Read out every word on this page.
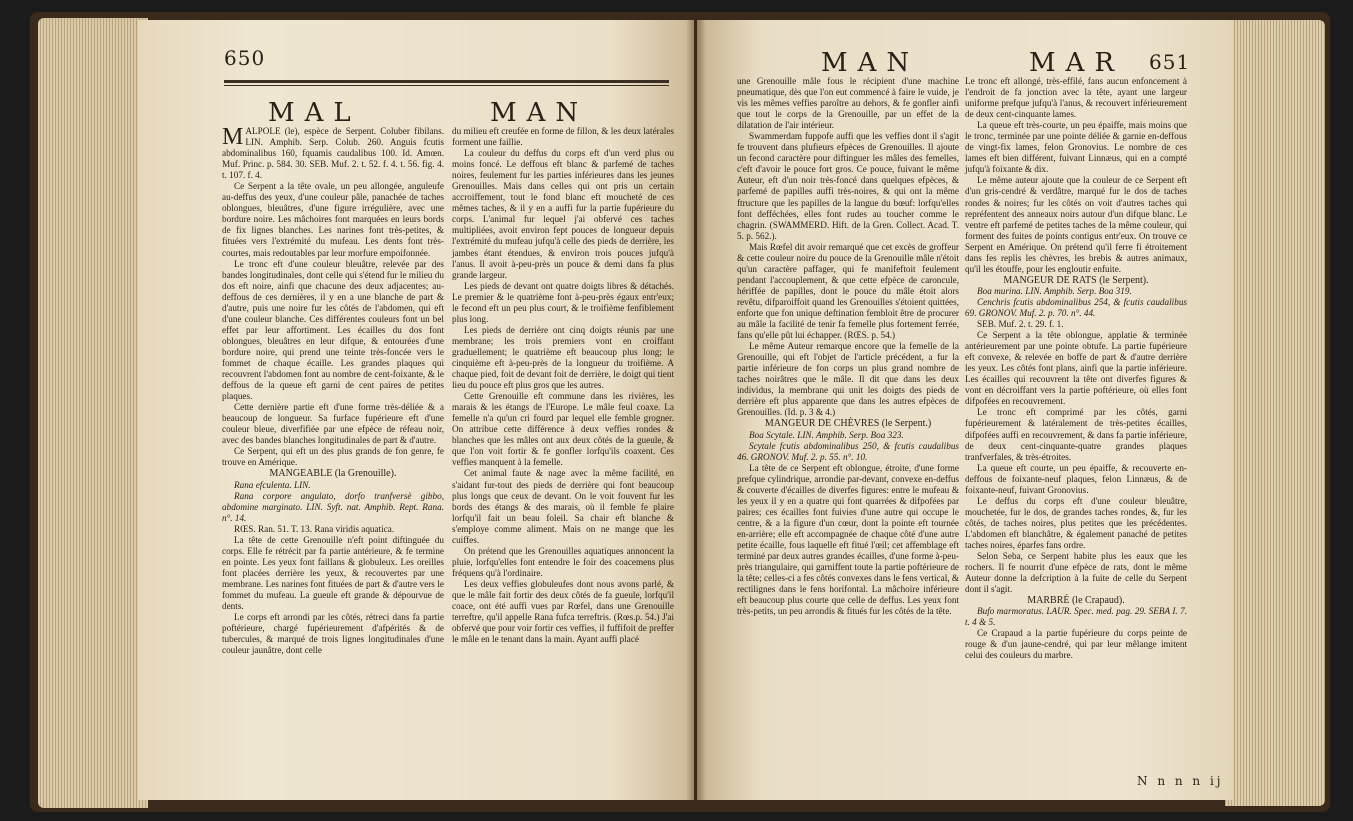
650
MAL	MAN

MALPOLE (le), espèce de Serpent. Coluber fibilans. LIN. Amphib. Serp. Colub. 260. Anguis fcutis abdominalibus 160, fquamis caudalibus 100. Id. Amœn. Muf. Princ. p. 584. 30. SEB. Muf. 2. t. 52. f. 4. t. 56. fig. 4. t. 107. f. 4.

Ce Serpent a la tête ovale, un peu allongée, anguleufe au-deffus des yeux, d'une couleur pâle, panachée de taches oblongues, bleuâtres, d'une figure irrégulière, avec une bordure noire. Les mâchoires font marquées en leurs bords de fix lignes blanches. Les narines font très-petites, & fituées vers l'extrémité du mufeau. Les dents font très-courtes, mais redoutables par leur morfure empoifonnée.

Le tronc eft d'une couleur bleuâtre, relevée par des bandes longitudinales, dont celle qui s'étend fur le milieu du dos eft noire, ainfi que chacune des deux adjacentes; au-deffous de ces dernières, il y en a une blanche de part & d'autre, puis une noire fur les côtés de l'abdomen, qui eft d'une couleur blanche. Ces différentes couleurs font un bel effet par leur affortiment. Les écailles du dos font oblongues, bleuâtres en leur difque, & entourées d'une bordure noire, qui prend une teinte très-foncée vers le fommet de chaque écaille. Les grandes plaques qui recouvrent l'abdomen font au nombre de cent-foixante, & le deffous de la queue eft garni de cent paires de petites plaques.

Cette dernière partie eft d'une forme très-déliée & a beaucoup de longueur. Sa furface fupérieure eft d'une couleur bleue, diverfifiée par une efpèce de réfeau noir, avec des bandes blanches longitudinales de part & d'autre.

Ce Serpent, qui eft un des plus grands de fon genre, fe trouve en Amérique.

MANGEABLE (la Grenouille).

Rana efculenta. LIN.

Rana corpore angulato, dorfo tranfversè gibbo, abdomine marginato. LIN. Syft. nat. Amphib. Rept. Rana. n°. 14.

RŒS. Ran. 51. T. 13. Rana viridis aquatica.

La tête de cette Grenouille n'eft point diftinguée du corps. Elle fe rétrécit par fa partie antérieure, & fe termine en pointe. Les yeux font faillans & globuleux. Les oreilles font placées derrière les yeux, & recouvertes par une membrane. Les narines font fituées de part & d'autre vers le fommet du mufeau. La gueule eft grande & dépourvue de dents.

Le corps eft arrondi par les côtés, rétreci dans fa partie poftérieure, chargé fupérieurement d'afpérités & de tubercules, & marqué de trois lignes longitudinales d'une couleur jaunâtre, dont celle

du milieu eft creufée en forme de fillon, & les deux latérales forment une faillie.

La couleur du deffus du corps eft d'un verd plus ou moins foncé. Le deffous eft blanc & parfemé de taches noires, feulement fur les parties inférieures dans les jeunes Grenouilles. Mais dans celles qui ont pris un certain accroiffement, tout le fond blanc eft moucheté de ces mêmes taches, & il y en a auffi fur la partie fupérieure du corps. L'animal fur lequel j'ai obfervé ces taches multipliées, avoit environ fept pouces de longueur depuis l'extrémité du mufeau jufqu'à celle des pieds de derrière, les jambes étant étendues, & environ trois pouces jufqu'à l'anus. Il avoit à-peu-près un pouce & demi dans fa plus grande largeur.

Les pieds de devant ont quatre doigts libres & détachés. Le premier & le quatrième font à-peu-près égaux entr'eux; le fecond eft un peu plus court, & le troifième fenfiblement plus long.

Les pieds de derrière ont cinq doigts réunis par une membrane; les trois premiers vont en croiffant graduellement; le quatrième eft beaucoup plus long; le cinquième eft à-peu-près de la longueur du troifième. A chaque pied, foit de devant foit de derrière, le doigt qui tient lieu du pouce eft plus gros que les autres.

Cette Grenouille eft commune dans les rivières, les marais & les étangs de l'Europe. Le mâle feul coaxe. La femelle n'a qu'un cri fourd par lequel elle femble grogner. On attribue cette différence à deux veffies rondes & blanches que les mâles ont aux deux côtés de la gueule, & que l'on voit fortir & fe gonfler lorfqu'ils coaxent. Ces veffies manquent à la femelle.

Cet animal faute & nage avec la même facilité, en s'aidant fur-tout des pieds de derrière qui font beaucoup plus longs que ceux de devant. On le voit fouvent fur les bords des étangs & des marais, où il femble fe plaire lorfqu'il fait un beau foleil. Sa chair eft blanche & s'employe comme aliment. Mais on ne mange que les cuiffes.

On prétend que les Grenouilles aquatiques annoncent la pluie, lorfqu'elles font entendre le foir des coacemens plus fréquens qu'à l'ordinaire.

Les deux veffies globuleufes dont nous avons parlé, & que le mâle fait fortir des deux côtés de fa gueule, lorfqu'il coace, ont été auffi vues par Rœfel, dans une Grenouille terreftre, qu'il appelle Rana fufca terreftris. (Rœs.p. 54.) J'ai obfervé que pour voir fortir ces veffies, il fuffifoit de preffer le mâle en le tenant dans la main. Ayant auffi placé

MAN	MAR 651

une Grenouille mâle fous le récipient d'une machine pneumatique, dès que l'on eut commencé à faire le vuide, je vis les mêmes veffies paroître au dehors, & fe gonfler ainfi que tout le corps de la Grenouille, par un effet de la dilatation de l'air intérieur.

Swammerdam fuppofe auffi que les veffies dont il s'agit fe trouvent dans plufieurs efpèces de Grenouilles. Il ajoute un fecond caractère pour diftinguer les mâles des femelles, c'eft d'avoir le pouce fort gros. Ce pouce, fuivant le même Auteur, eft d'un noir très-foncé dans quelques efpèces, & parfemé de papilles auffi très-noires, & qui ont la même ftructure que les papilles de la langue du bœuf: lorfqu'elles font defféchées, elles font rudes au toucher comme le chagrin. (SWAMMERD. Hift. de la Gren. Collect. Acad. T. 5. p. 562.).

Mais Rœfel dit avoir remarqué que cet excès de groffeur & cette couleur noire du pouce de la Grenouille mâle n'étoit qu'un caractère paffager, qui fe manifeftoit feulement pendant l'accouplement, & que cette efpèce de caroncule, hériffée de papilles, dont le pouce du mâle étoit alors revêtu, difparoiffoit quand les Grenouilles s'étoient quittées, enforte que fon unique deftination fembloit être de procurer au mâle la facilité de tenir fa femelle plus fortement ferrée, fans qu'elle pût lui échapper. (RŒS. p. 54.)

Le même Auteur remarque encore que la femelle de la Grenouille, qui eft l'objet de l'article précédent, a fur la partie inférieure de fon corps un plus grand nombre de taches noirâtres que le mâle. Il dit que dans les deux individus, la membrane qui unit les doigts des pieds de derrière eft plus apparente que dans les autres efpèces de Grenouilles. (Id. p. 3 & 4.)

MANGEUR DE CHÈVRES (le Serpent.)

Boa Scytale. LIN. Amphib. Serp. Boa 323.

Scytale fcutis abdominalibus 250, & fcutis caudalibus 46. GRONOV. Muf. 2. p. 55. n°. 10.

La tête de ce Serpent eft oblongue, étroite, d'une forme prefque cylindrique, arrondie par-devant, convexe en-deffus & couverte d'écailles de diverfes figures: entre le mufeau & les yeux il y en a quatre qui font quarrées & difpofées par paires; ces écailles font fuivies d'une autre qui occupe le centre, & a la figure d'un cœur, dont la pointe eft tournée en-arrière; elle eft accompagnée de chaque côté d'une autre petite écaille, fous laquelle eft fitué l'œil; cet affemblage eft terminé par deux autres grandes écailles, d'une forme à-peu-près triangulaire, qui garniffent toute la partie poftérieure de la tête; celles-ci a fes côtés convexes dans le fens vertical, & rectilignes dans le fens horifontal. La mâchoire inférieure eft beaucoup plus courte que celle de deffus. Les yeux font très-petits, un peu arrondis & fitués fur les côtés de la tête.

Le tronc eft allongé, très-effilé, fans aucun enfoncement à l'endroit de fa jonction avec la tête, ayant une largeur uniforme prefque jufqu'à l'anus, & recouvert inférieurement de deux cent-cinquante lames.

La queue eft très-courte, un peu épaiffe, mais moins que le tronc, terminée par une pointe déliée & garnie en-deffous de vingt-fix lames, felon Gronovius. Le nombre de ces lames eft bien différent, fuivant Linnæus, qui en a compté jufqu'à foixante & dix.

Le même auteur ajoute que la couleur de ce Serpent eft d'un gris-cendré & verdâtre, marqué fur le dos de taches rondes & noires; fur les côtés on voit d'autres taches qui repréfentent des anneaux noirs autour d'un difque blanc. Le ventre eft parfemé de petites taches de la même couleur, qui forment des fuites de points contigus entr'eux. On trouve ce Serpent en Amérique. On prétend qu'il ferre fi étroitement dans fes replis les chèvres, les brebis & autres animaux, qu'il les étouffe, pour les engloutir enfuite.

MANGEUR DE RATS (le Serpent).

Boa murina. LIN. Amphib. Serp. Boa 319.

Cenchris fcutis abdominalibus 254, & fcutis caudalibus 69. GRONOV. Muf. 2. p. 70. n°. 44.

SEB. Muf. 2. t. 29. f. 1.

Ce Serpent a la tête oblongue, applatie & terminée antérieurement par une pointe obtufe. La partie fupérieure eft convexe, & relevée en boffe de part & d'autre derrière les yeux. Les côtés font plans, ainfi que la partie inférieure. Les écailles qui recouvrent la tête ont diverfes figures & vont en décroiffant vers la partie poftérieure, où elles font difpofées en recouvrement.

Le tronc eft comprimé par les côtés, garni fupérieurement & latéralement de très-petites écailles, difpofées auffi en recouvrement, & dans fa partie inférieure, de deux cent-cinquante-quatre grandes plaques tranfverfales, & très-étroites.

La queue eft courte, un peu épaiffe, & recouverte en-deffous de foixante-neuf plaques, felon Linnæus, & de foixante-neuf, fuivant Gronovius.

Le deffus du corps eft d'une couleur bleuâtre, mouchetée, fur le dos, de grandes taches rondes, &, fur les côtés, de taches noires, plus petites que les précédentes. L'abdomen eft blanchâtre, & également panaché de petites taches noires, éparfes fans ordre.

Selon Seba, ce Serpent habite plus les eaux que les rochers. Il fe nourrit d'une efpèce de rats, dont le même Auteur donne la defcription à la fuite de celle du Serpent dont il s'agit.

MARBRÉ (le Crapaud).

Bufo marmoratus. LAUR. Spec. med. pag. 29. SEBA I. 7. t. 4 & 5.

Ce Crapaud a la partie fupérieure du corps peinte de rouge & d'un jaune-cendré, qui par leur mêlange imitent celui des couleurs du marbre.

N n n n ij
